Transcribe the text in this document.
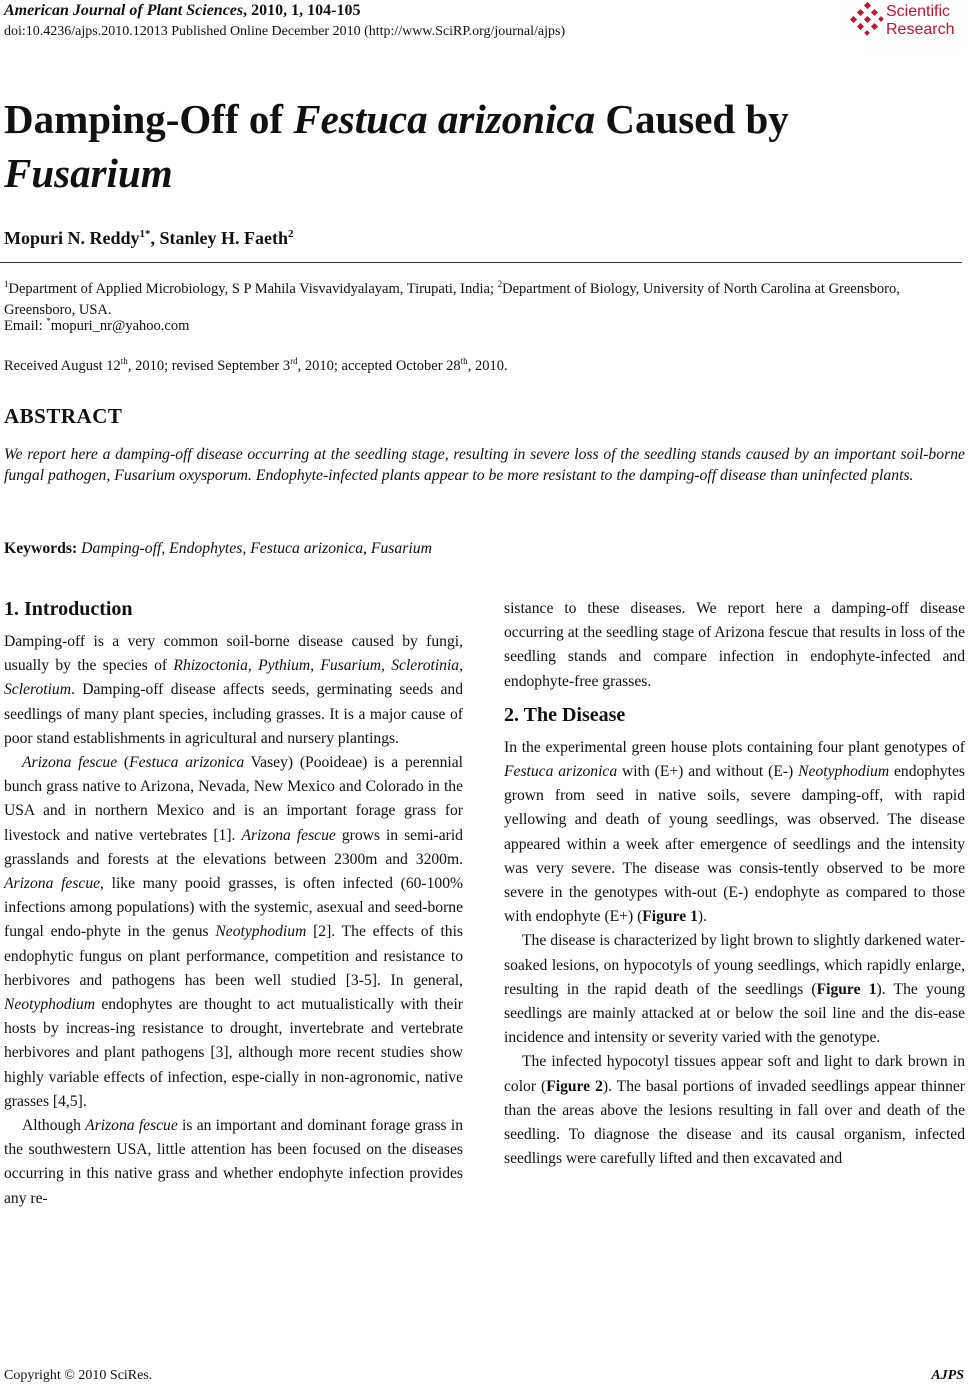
American Journal of Plant Sciences, 2010, 1, 104-105
doi:10.4236/ajps.2010.12013 Published Online December 2010 (http://www.SciRP.org/journal/ajps)
Scientific
Research
Damping-Off of Festuca arizonica Caused by
Fusarium
Mopuri N. Reddy$^{1*}$, Stanley H. Faeth$^2$
$^1$Department of Applied Microbiology, S P Mahila Visvavidyalayam, Tirupati, India; $^2$Department of Biology, University of North Carolina at Greensboro, Greensboro, USA.
Email: *mopuri_nr@yahoo.com
Received August 12th, 2010; revised September 3rd, 2010; accepted October 28th, 2010.
ABSTRACT
We report here a damping-off disease occurring at the seedling stage, resulting in severe loss of the seedling stands caused by an important soil-borne fungal pathogen, Fusarium oxysporum. Endophyte-infected plants appear to be more resistant to the damping-off disease than uninfected plants.
Keywords: Damping-off, Endophytes, Festuca arizonica, Fusarium
1. Introduction

Damping-off is a very common soil-borne disease caused by fungi, usually by the species of Rhizoctonia, Pythium, Fusarium, Sclerotinia, Sclerotium. Damping-off disease affects seeds, germinating seeds and seedlings of many plant species, including grasses. It is a major cause of poor stand establishments in agricultural and nursery plantings.

Arizona fescue (Festuca arizonica Vasey) (Pooideae) is a perennial bunch grass native to Arizona, Nevada, New Mexico and Colorado in the USA and in northern Mexico and is an important forage grass for livestock and native vertebrates [1]. Arizona fescue grows in semi-arid grasslands and forests at the elevations between 2300m and 3200m.    Arizona fescue, like many pooid grasses, is often infected (60-100% infections among populations) with the systemic, asexual and seed-borne fungal endo-phyte in the genus Neotyphodium [2]. The effects of this endophytic fungus on plant performance, competition and resistance to herbivores and pathogens has been well studied [3-5]. In general, Neotyphodium endophytes are thought to act mutualistically with their hosts by increas-ing resistance to drought, invertebrate and vertebrate herbivores and plant pathogens [3], although more recent studies show highly variable effects of infection, espe-cially in non-agronomic, native grasses [4,5].

Although Arizona fescue is an important and dominant forage grass in the southwestern USA, little attention has been focused on the diseases occurring in this native grass and whether endophyte infection provides any re-

sistance to these diseases. We report here a damping-off disease occurring at the seedling stage of Arizona fescue that results in loss of the seedling stands and compare infection in endophyte-infected and endophyte-free grasses.

2. The Disease

In the experimental green house plots containing four plant genotypes of Festuca arizonica with (E+) and without (E-) Neotyphodium endophytes grown from seed in native soils, severe damping-off, with rapid yellowing and death of young seedlings, was observed. The disease appeared within a week after emergence of seedlings and the intensity was very severe. The disease was consis-tently observed to be more severe in the genotypes with-out (E-) endophyte as compared to those with endophyte (E+) (Figure 1).

The disease is characterized by light brown to slightly darkened water-soaked lesions, on hypocotyls of young seedlings, which rapidly enlarge, resulting in the rapid death of the seedlings (Figure 1). The young seedlings are mainly attacked at or below the soil line and the dis-ease incidence and intensity or severity varied with the genotype.

The infected hypocotyl tissues appear soft and light to dark brown in color (Figure 2). The basal portions of invaded seedlings appear thinner than the areas above the lesions resulting in fall over and death of the seedling. To diagnose the disease and its causal organism, infected seedlings were carefully lifted and then excavated and

Copyright © 2010 SciRes.	AJPS
